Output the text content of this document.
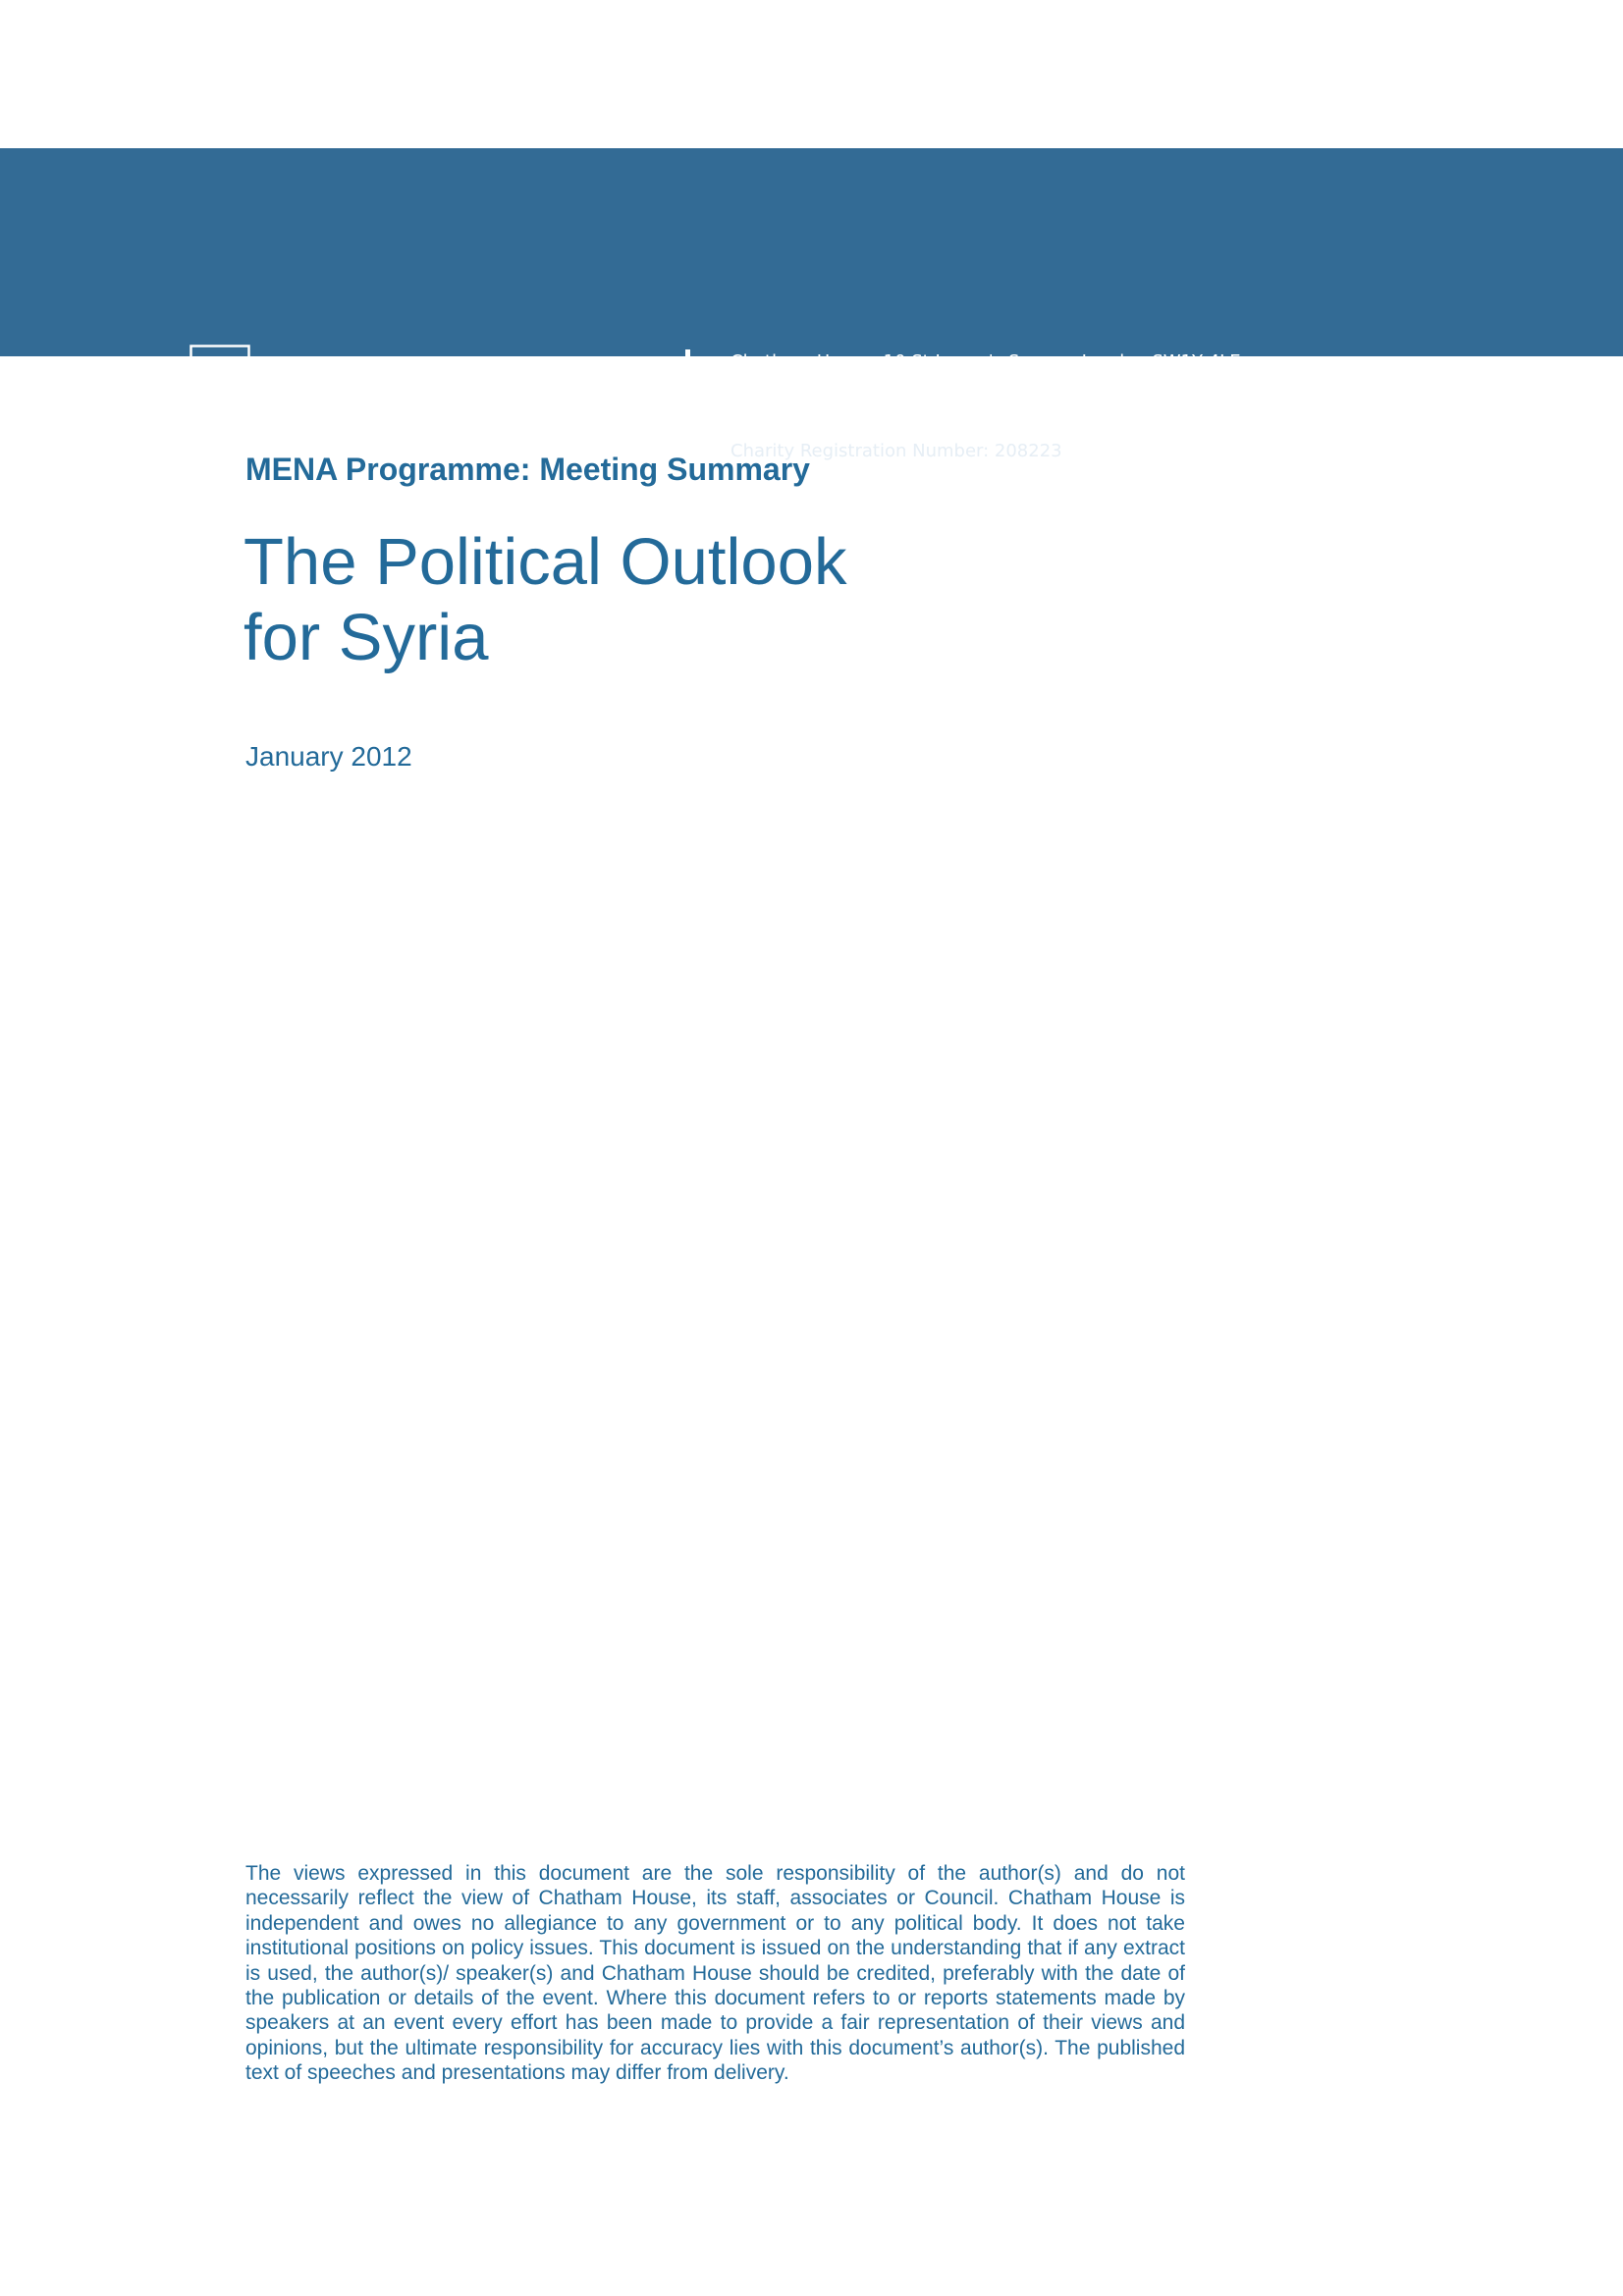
CHATHAM HOUSE
Chatham House, 10 St James's Square, London SW1Y 4LE
T: +44 (0)20 7957 5700 E: contact@chathamhouse.org
F: +44 (0)20 7957 5710 www.chathamhouse.org
Charity Registration Number: 208223
MENA Programme: Meeting Summary
The Political Outlook
for Syria
January 2012

The views expressed in this document are the sole responsibility of the author(s) and do not necessarily reflect the view of Chatham House, its staff, associates or Council. Chatham House is independent and owes no allegiance to any government or to any political body. It does not take institutional positions on policy issues. This document is issued on the understanding that if any extract is used, the author(s)/ speaker(s) and Chatham House should be credited, preferably with the date of the publication or details of the event. Where this document refers to or reports statements made by speakers at an event every effort has been made to provide a fair representation of their views and opinions, but the ultimate responsibility for accuracy lies with this document’s author(s). The published text of speeches and presentations may differ from delivery.
